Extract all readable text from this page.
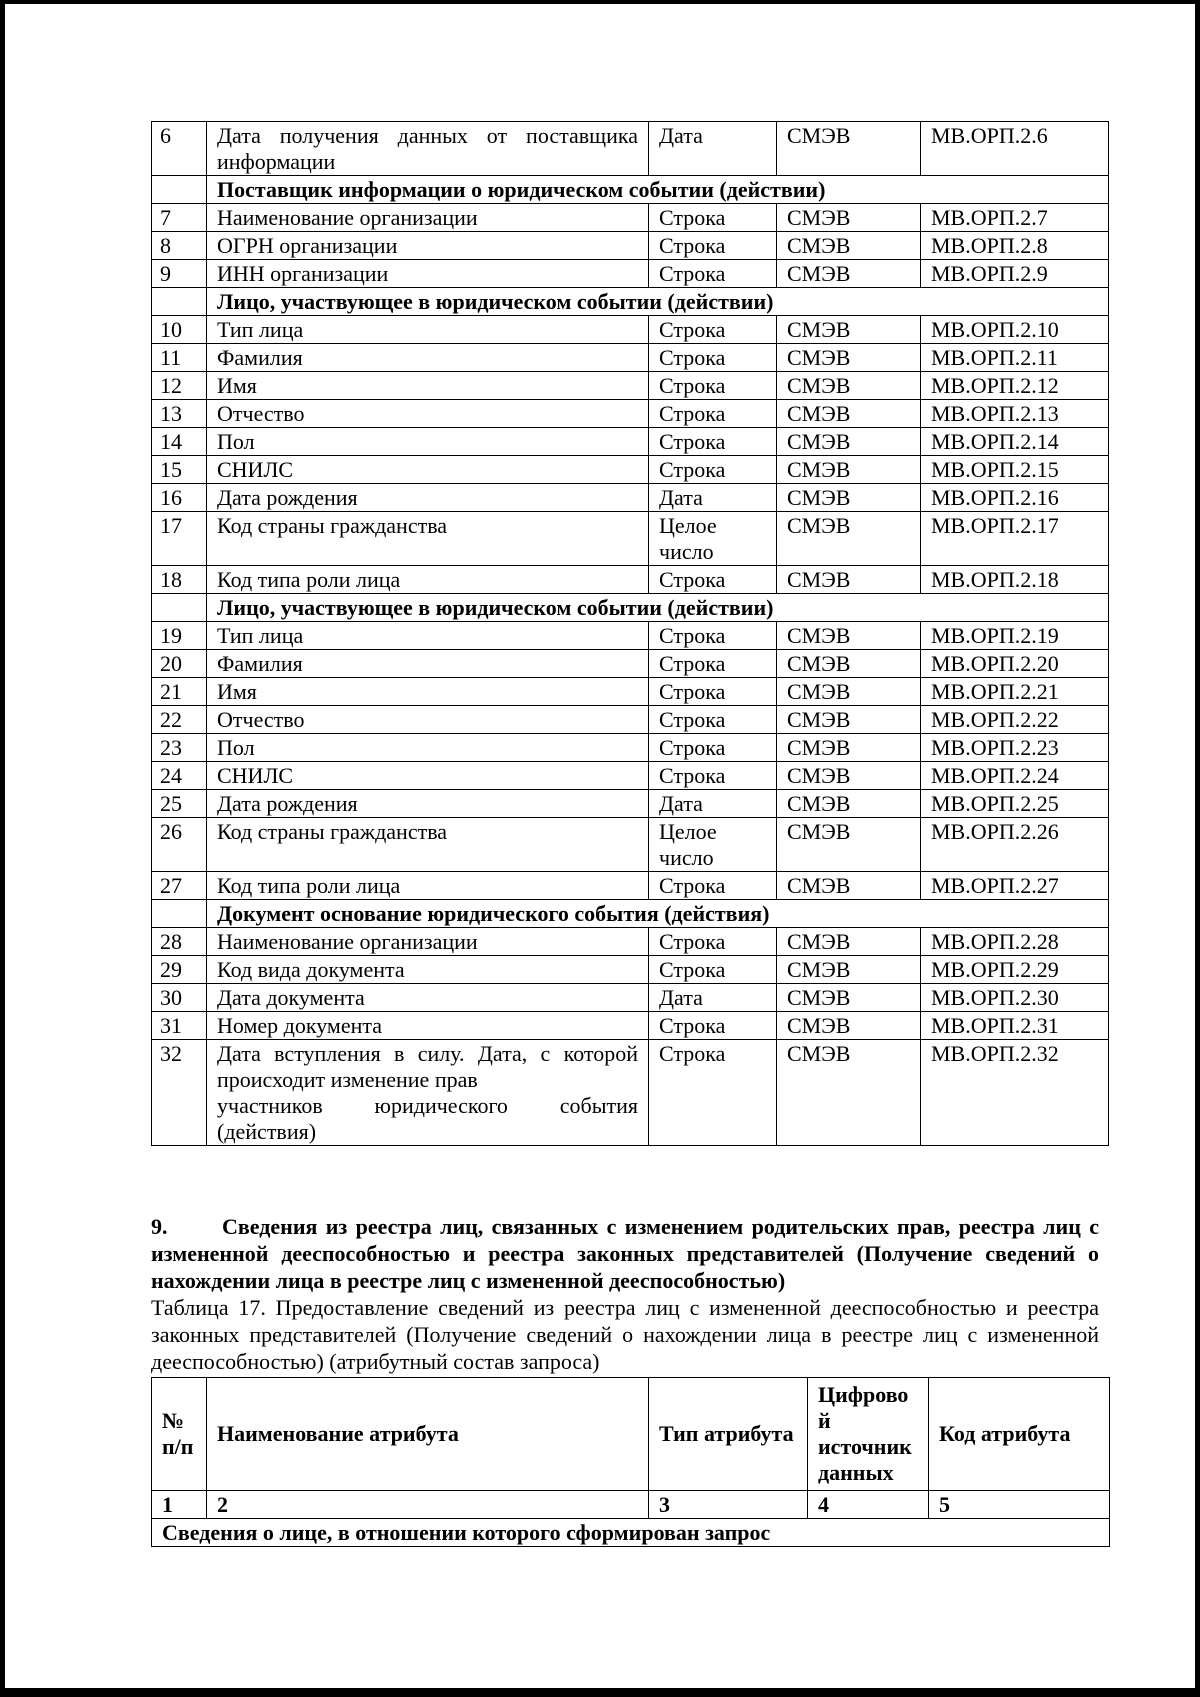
6	Дата получения данных от поставщика информации	Дата	СМЭВ	МВ.ОРП.2.6
	Поставщик информации о юридическом событии (действии)			
7	Наименование организации	Строка	СМЭВ	МВ.ОРП.2.7
8	ОГРН организации	Строка	СМЭВ	МВ.ОРП.2.8
9	ИНН организации	Строка	СМЭВ	МВ.ОРП.2.9
	Лицо, участвующее в юридическом событии (действии)			
10	Тип лица	Строка	СМЭВ	МВ.ОРП.2.10
11	Фамилия	Строка	СМЭВ	МВ.ОРП.2.11
12	Имя	Строка	СМЭВ	МВ.ОРП.2.12
13	Отчество	Строка	СМЭВ	МВ.ОРП.2.13
14	Пол	Строка	СМЭВ	МВ.ОРП.2.14
15	СНИЛС	Строка	СМЭВ	МВ.ОРП.2.15
16	Дата рождения	Дата	СМЭВ	МВ.ОРП.2.16
17	Код страны гражданства	Целое число	СМЭВ	МВ.ОРП.2.17
18	Код типа роли лица	Строка	СМЭВ	МВ.ОРП.2.18
	Лицо, участвующее в юридическом событии (действии)			
19	Тип лица	Строка	СМЭВ	МВ.ОРП.2.19
20	Фамилия	Строка	СМЭВ	МВ.ОРП.2.20
21	Имя	Строка	СМЭВ	МВ.ОРП.2.21
22	Отчество	Строка	СМЭВ	МВ.ОРП.2.22
23	Пол	Строка	СМЭВ	МВ.ОРП.2.23
24	СНИЛС	Строка	СМЭВ	МВ.ОРП.2.24
25	Дата рождения	Дата	СМЭВ	МВ.ОРП.2.25
26	Код страны гражданства	Целое число	СМЭВ	МВ.ОРП.2.26
27	Код типа роли лица	Строка	СМЭВ	МВ.ОРП.2.27
	Документ основание юридического события (действия)			
28	Наименование организации	Строка	СМЭВ	МВ.ОРП.2.28
29	Код вида документа	Строка	СМЭВ	МВ.ОРП.2.29
30	Дата документа	Дата	СМЭВ	МВ.ОРП.2.30
31	Номер документа	Строка	СМЭВ	МВ.ОРП.2.31
32	Дата вступления в силу. Дата, с которой происходит изменение прав
участников юридического события
(действия)	Строка	СМЭВ	МВ.ОРП.2.32
9. Сведения из реестра лиц, связанных с изменением родительских прав, реестра лиц с измененной дееспособностью и реестра законных представителей (Получение сведений о нахождении лица в реестре лиц с измененной дееспособностью)
Таблица 17. Предоставление сведений из реестра лиц с измененной дееспособностью и реестра законных представителей (Получение сведений о нахождении лица в реестре лиц с измененной дееспособностью) (атрибутный состав запроса)
№ п/п	Наименование атрибута	Тип атрибута	Цифрово й источник данных	Код атрибута
1	2	3	4	5
Сведения о лице, в отношении которого сформирован запрос				
